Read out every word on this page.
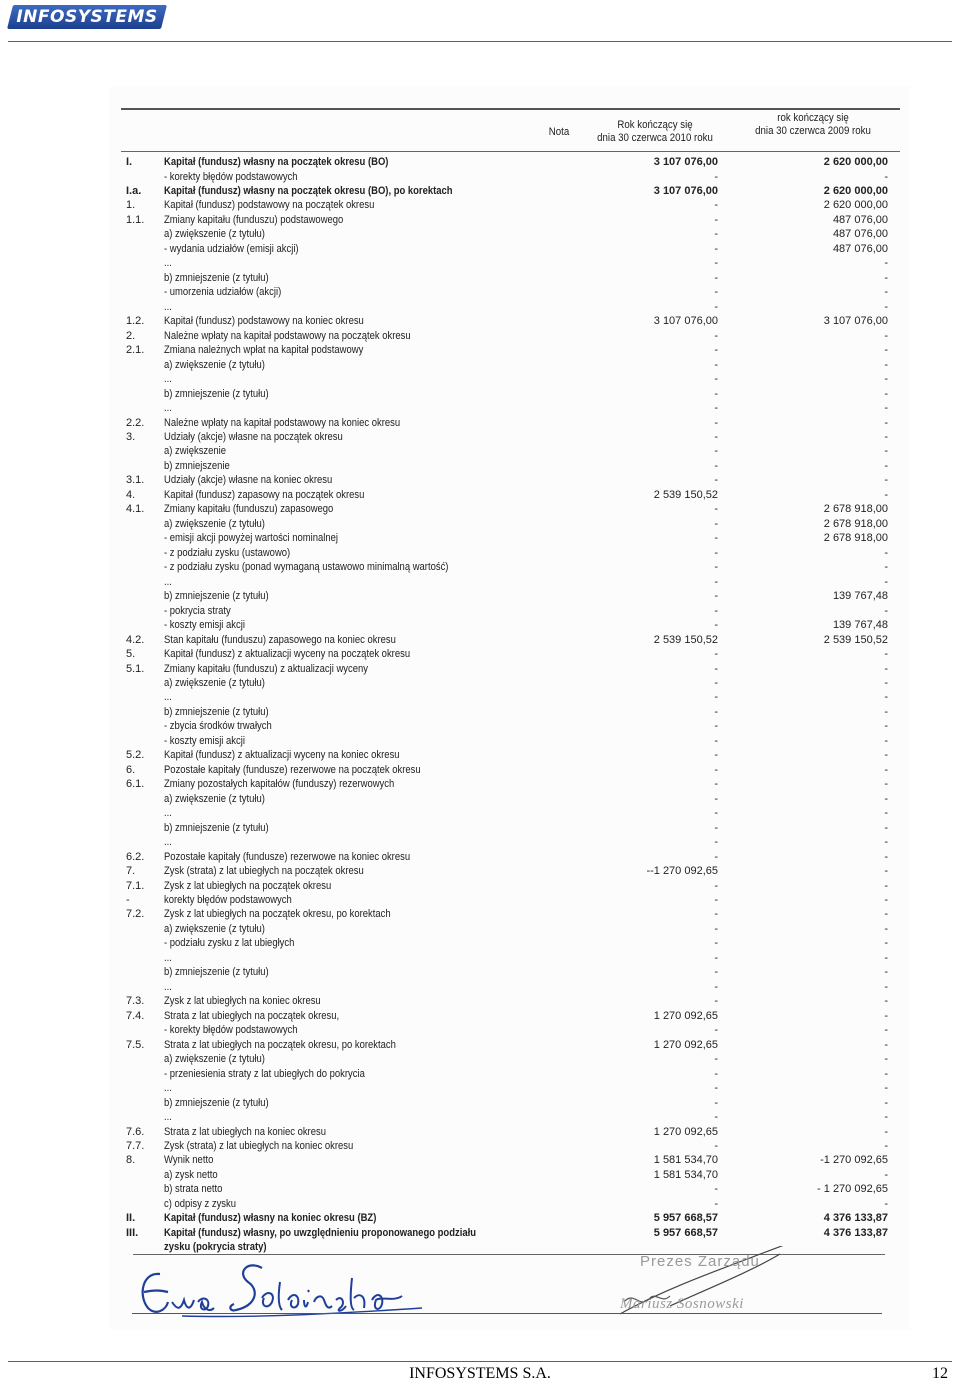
INFOSYSTEMS
Nota
Rok kończący się
dnia 30 czerwca 2010 roku
rok kończący się
dnia 30 czerwca 2009 roku
I.	Kapitał (fundusz) własny na początek okresu (BO)	3 107 076,00	2 620 000,00
- korekty błędów podstawowych	-	-
I.a. Kapitał (fundusz) własny na początek okresu (BO), po korektach	3 107 076,00	2 620 000,00
1.	Kapitał (fundusz) podstawowy na początek okresu	-	2 620 000,00
1.1. Zmiany kapitału (funduszu) podstawowego	-	487 076,00
a) zwiększenie (z tytułu)	-	487 076,00
- wydania udziałów (emisji akcji)	-	487 076,00
...	-	-
b) zmniejszenie (z tytułu)	-	-
- umorzenia udziałów (akcji)	-	-
...	-	-
1.2. Kapitał (fundusz) podstawowy na koniec okresu	3 107 076,00	3 107 076,00
2.	Należne wpłaty na kapitał podstawowy na początek okresu	-	-
2.1. Zmiana należnych wpłat na kapitał podstawowy	-	-
a) zwiększenie (z tytułu)	-	-
...	-	-
b) zmniejszenie (z tytułu)	-	-
...	-	-
2.2. Należne wpłaty na kapitał podstawowy na koniec okresu	-	-
3.	Udziały (akcje) własne na początek okresu	-	-
a) zwiększenie	-	-
b) zmniejszenie	-	-
3.1. Udziały (akcje) własne na koniec okresu	-	-
4.	Kapitał (fundusz) zapasowy na początek okresu	2 539 150,52	-
4.1. Zmiany kapitału (funduszu) zapasowego	-	2 678 918,00
a) zwiększenie (z tytułu)	-	2 678 918,00
- emisji akcji powyżej wartości nominalnej	-	2 678 918,00
- z podziału zysku (ustawowo)	-	-
- z podziału zysku (ponad wymaganą ustawowo minimalną wartość)	-	-
...	-	-
b) zmniejszenie (z tytułu)	-	139 767,48
- pokrycia straty	-	-
- koszty emisji akcji	-	139 767,48
4.2. Stan kapitału (funduszu) zapasowego na koniec okresu	2 539 150,52	2 539 150,52
5.	Kapitał (fundusz) z aktualizacji wyceny na początek okresu	-	-
5.1. Zmiany kapitału (funduszu) z aktualizacji wyceny	-	-
a) zwiększenie (z tytułu)	-	-
...	-	-
b) zmniejszenie (z tytułu)	-	-
- zbycia środków trwałych	-	-
- koszty emisji akcji	-	-
5.2. Kapitał (fundusz) z aktualizacji wyceny na koniec okresu	-	-
6.	Pozostałe kapitały (fundusze) rezerwowe na początek okresu	-	-
6.1. Zmiany pozostałych kapitałów (funduszy) rezerwowych	-	-
a) zwiększenie (z tytułu)	-	-
...	-	-
b) zmniejszenie (z tytułu)	-	-
...	-	-
6.2. Pozostałe kapitały (fundusze) rezerwowe na koniec okresu	-	-
7.	Zysk (strata) z lat ubiegłych na początek okresu	--1 270 092,65	-
7.1. Zysk z lat ubiegłych na początek okresu	-	-
-	korekty błędów podstawowych	-	-
7.2. Zysk z lat ubiegłych na początek okresu, po korektach	-	-
a) zwiększenie (z tytułu)	-	-
- podziału zysku z lat ubiegłych	-	-
...	-	-
b) zmniejszenie (z tytułu)	-	-
...	-	-
7.3. Zysk z lat ubiegłych na koniec okresu	-	-
7.4. Strata z lat ubiegłych na początek okresu,	1 270 092,65	-
- korekty błędów podstawowych	-	-
7.5. Strata z lat ubiegłych na początek okresu, po korektach	1 270 092,65	-
a) zwiększenie (z tytułu)	-	-
- przeniesienia straty z lat ubiegłych do pokrycia	-	-
...	-	-
b) zmniejszenie (z tytułu)	-	-
...	-	-
7.6. Strata z lat ubiegłych na koniec okresu	1 270 092,65	-
7.7. Zysk (strata) z lat ubiegłych na koniec okresu	-	-
8.	Wynik netto	1 581 534,70	-1 270 092,65
a) zysk netto	1 581 534,70	-
b) strata netto	-	- 1 270 092,65
c) odpisy z zysku	-	-
II.	Kapitał (fundusz) własny na koniec okresu (BZ)	5 957 668,57	4 376 133,87
III. Kapitał (fundusz) własny, po uwzględnieniu proponowanego podziału	5 957 668,57	4 376 133,87
zysku (pokrycia straty)
Prezes Zarządu
Mariusz Sosnowski
INFOSYSTEMS S.A.	12
